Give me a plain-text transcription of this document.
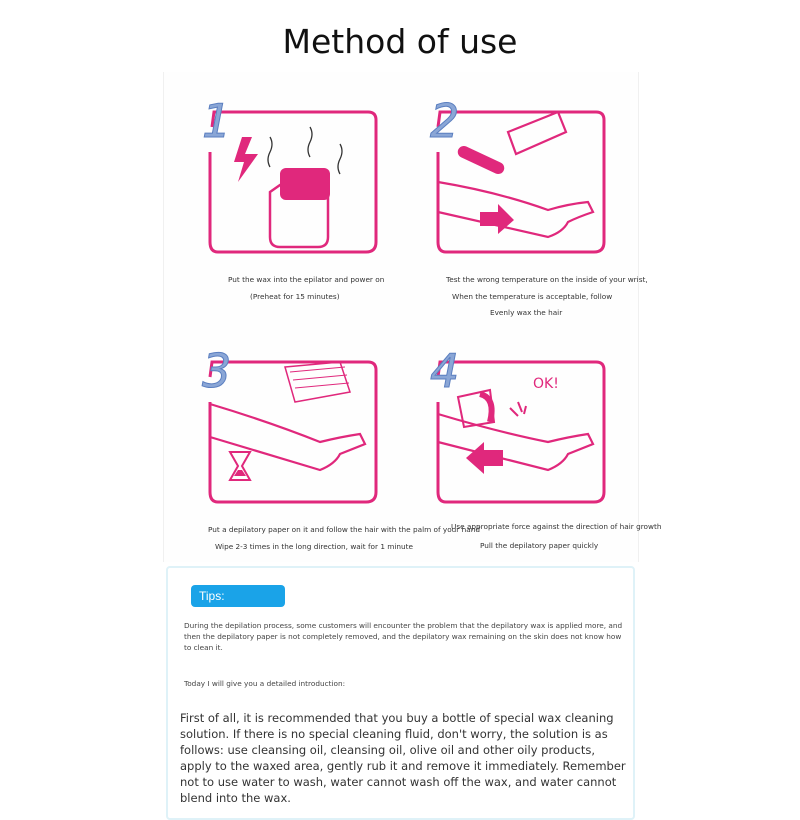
Method of use
1
Put the wax into the epilator and power on
(Preheat for 15 minutes)
2
Test the wrong temperature on the inside of your wrist,
When the temperature is acceptable, follow
Evenly wax the hair
3
Put a depilatory paper on it and follow the hair with the palm of your hand
Wipe 2-3 times in the long direction, wait for 1 minute
4	OK!
Use appropriate force against the direction of hair growth
Pull the depilatory paper quickly
Tips:
During the depilation process, some customers will encounter the problem that the depilatory wax is applied more, and then the depilatory paper is not completely removed, and the depilatory wax remaining on the skin does not know how to clean it.
Today I will give you a detailed introduction:
First of all, it is recommended that you buy a bottle of special wax cleaning solution. If there is no special cleaning fluid, don't worry, the solution is as follows: use cleansing oil, cleansing oil, olive oil and other oily products, apply to the waxed area, gently rub it and remove it immediately. Remember not to use water to wash, water cannot wash off the wax, and water cannot blend into the wax.
